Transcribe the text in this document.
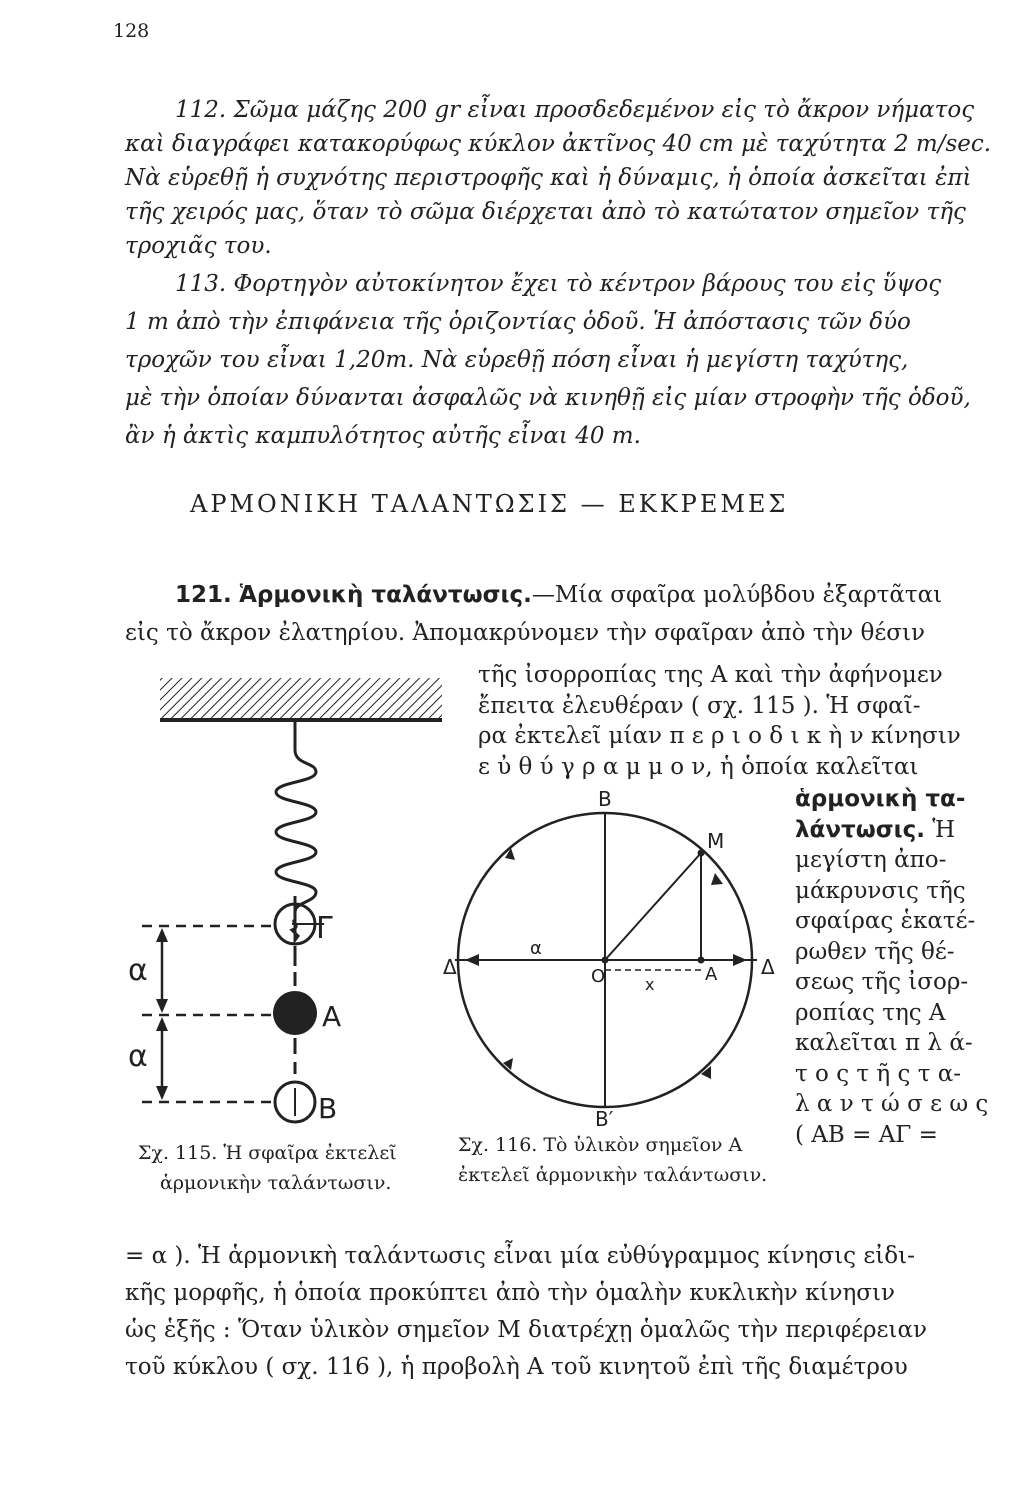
128
112. Σῶμα μάζης 200 gr εἶναι προσδεδεμένον εἰς τὸ ἄκρον νήματος
καὶ διαγράφει κατακορύφως κύκλον ἀκτῖνος 40 cm μὲ ταχύτητα 2 m/sec.
Νὰ εὑρεθῇ ἡ συχνότης περιστροφῆς καὶ ἡ δύναμις, ἡ ὁποία ἀσκεῖται ἐπὶ
τῆς χειρός μας, ὅταν τὸ σῶμα διέρχεται ἀπὸ τὸ κατώτατον σημεῖον τῆς
τροχιᾶς του.
113. Φορτηγὸν αὐτοκίνητον ἔχει τὸ κέντρον βάρους του εἰς ὕψος
1 m ἀπὸ τὴν ἐπιφάνεια τῆς ὁριζοντίας ὁδοῦ. Ἡ ἀπόστασις τῶν δύο
τροχῶν του εἶναι 1,20m. Νὰ εὑρεθῇ πόση εἶναι ἡ μεγίστη ταχύτης,
μὲ τὴν ὁποίαν δύνανται ἀσφαλῶς νὰ κινηθῇ εἰς μίαν στροφὴν τῆς ὁδοῦ,
ἂν ἡ ἀκτὶς καμπυλότητος αὐτῆς εἶναι 40 m.
ΑΡΜΟΝΙΚΗ ΤΑΛΑΝΤΩΣΙΣ — ΕΚΚΡΕΜΕΣ
121. Ἁρμονικὴ ταλάντωσις.—Μία σφαῖρα μολύβδου ἐξαρτᾶται
εἰς τὸ ἄκρον ἐλατηρίου. Ἀπομακρύνομεν τὴν σφαῖραν ἀπὸ τὴν θέσιν
τῆς ἰσορροπίας της Α καὶ τὴν ἀφήνομεν
ἔπειτα ἐλευθέραν ( σχ. 115 ). Ἡ σφαῖ-
ρα ἐκτελεῖ μίαν π ε ρ ι ο δ ι κ ὴ ν κίνησιν
ε ὐ θ ύ γ ρ α μ μ ο ν, ἡ ὁποία καλεῖται
ἁρμονικὴ τα-
λάντωσις. Ἡ
μεγίστη ἀπο-
μάκρυνσις τῆς
σφαίρας ἑκατέ-
ρωθεν τῆς θέ-
σεως τῆς ἰσορ-
ροπίας της Α
καλεῖται π λ ά-
τ ο ς τ ῆ ς τ α-
λ α ν τ ώ σ ε ω ς
( ΑΒ = ΑΓ =
Γ
A
B
α
α
Σχ. 115. Ἡ σφαῖρα ἐκτελεῖ
ἁρμονικὴν ταλάντωσιν.
B
B′
M
Δ
Δ′	O	A
α
x
Σχ. 116. Τὸ ὑλικὸν σημεῖον Α
ἐκτελεῖ ἁρμονικὴν ταλάντωσιν.
= α ). Ἡ ἁρμονικὴ ταλάντωσις εἶναι μία εὐθύγραμμος κίνησις εἰδι-
κῆς μορφῆς, ἡ ὁποία προκύπτει ἀπὸ τὴν ὁμαλὴν κυκλικὴν κίνησιν
ὡς ἑξῆς : Ὅταν ὑλικὸν σημεῖον Μ διατρέχῃ ὁμαλῶς τὴν περιφέρειαν
τοῦ κύκλου ( σχ. 116 ), ἡ προβολὴ Α τοῦ κινητοῦ ἐπὶ τῆς διαμέτρου
